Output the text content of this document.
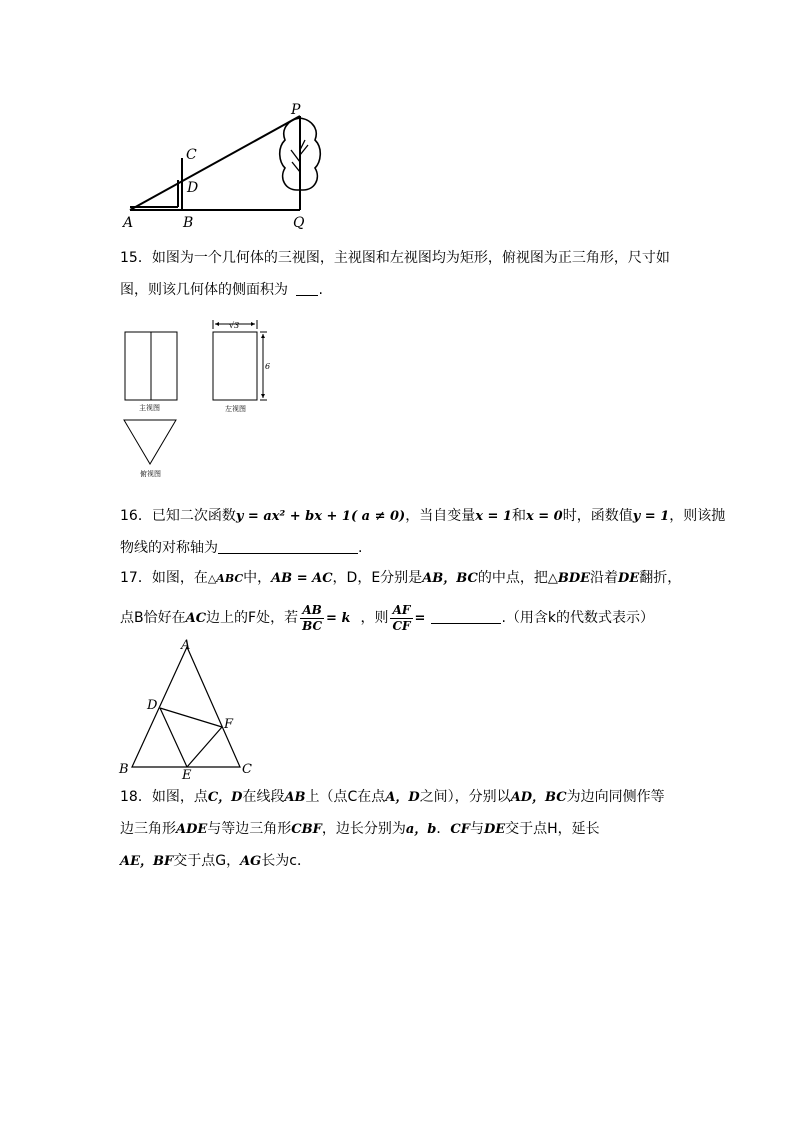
P
C
D
A	B	Q
15．如图为一个几何体的三视图，主视图和左视图均为矩形，俯视图为正三角形，尺寸如
图，则该几何体的侧面积为 .
√3
6
主视图	左视图
俯视图
16．已知二次函数y = ax² + bx + 1( a ≠ 0)，当自变量x = 1和x = 0时，函数值y = 1，则该抛
物线的对称轴为	.
17．如图，在△ABC中，AB = AC，D，E分别是AB，BC的中点，把△BDE沿着DE翻折，
点B恰好在AC边上的F处，若 $\frac{AB}{BC} = k$ ，则 $\frac{AF}{CF}$ =	.（用含k的代数式表示）
A
D
F
B	E	C
18．如图，点C，D在线段AB上（点C在点A，D之间），分别以AD，BC为边向同侧作等
边三角形ADE与等边三角形CBF，边长分别为a，b．CF与DE交于点H，延长
AE，BF交于点G，AG长为c．
